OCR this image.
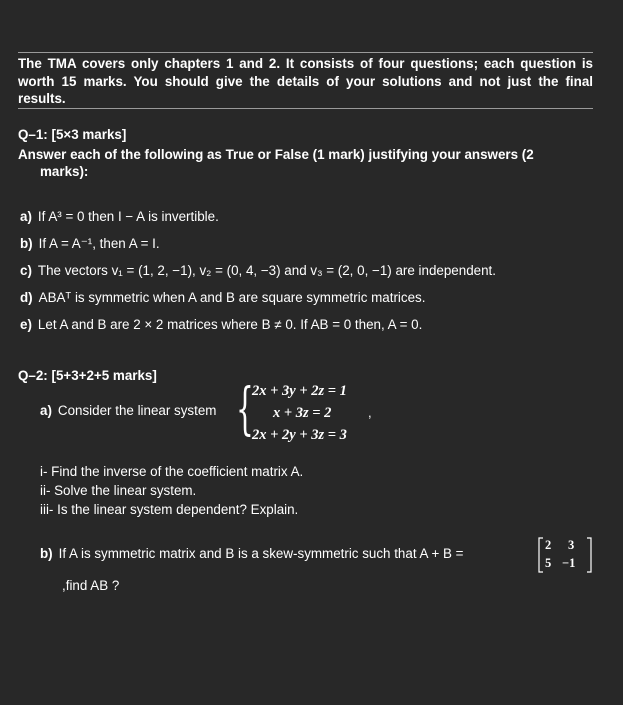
The TMA covers only chapters 1 and 2. It consists of four questions; each question is worth 15 marks. You should give the details of your solutions and not just the final results.
Q–1: [5×3 marks]
Answer each of the following as True or False (1 mark) justifying your answers (2
marks):
a) If A³ = 0 then I − A is invertible.
b) If A = A⁻¹, then A = I.
c) The vectors v₁ = (1, 2, −1), v₂ = (0, 4, −3) and v₃ = (2, 0, −1) are independent.
d) ABAᵀ is symmetric when A and B are square symmetric matrices.
e) Let A and B are 2 × 2 matrices where B ≠ 0. If AB = 0 then, A = 0.
Q–2: [5+3+2+5 marks]
a) Consider the linear system {
2x + 3y + 2z = 1
x + 3z = 2
2x + 2y + 3z = 3
,
i- Find the inverse of the coefficient matrix A.
ii- Solve the linear system.
iii- Is the linear system dependent? Explain.
b) If A is symmetric matrix and B is a skew-symmetric such that A + B =
2 3
5 −1
,find AB ?
